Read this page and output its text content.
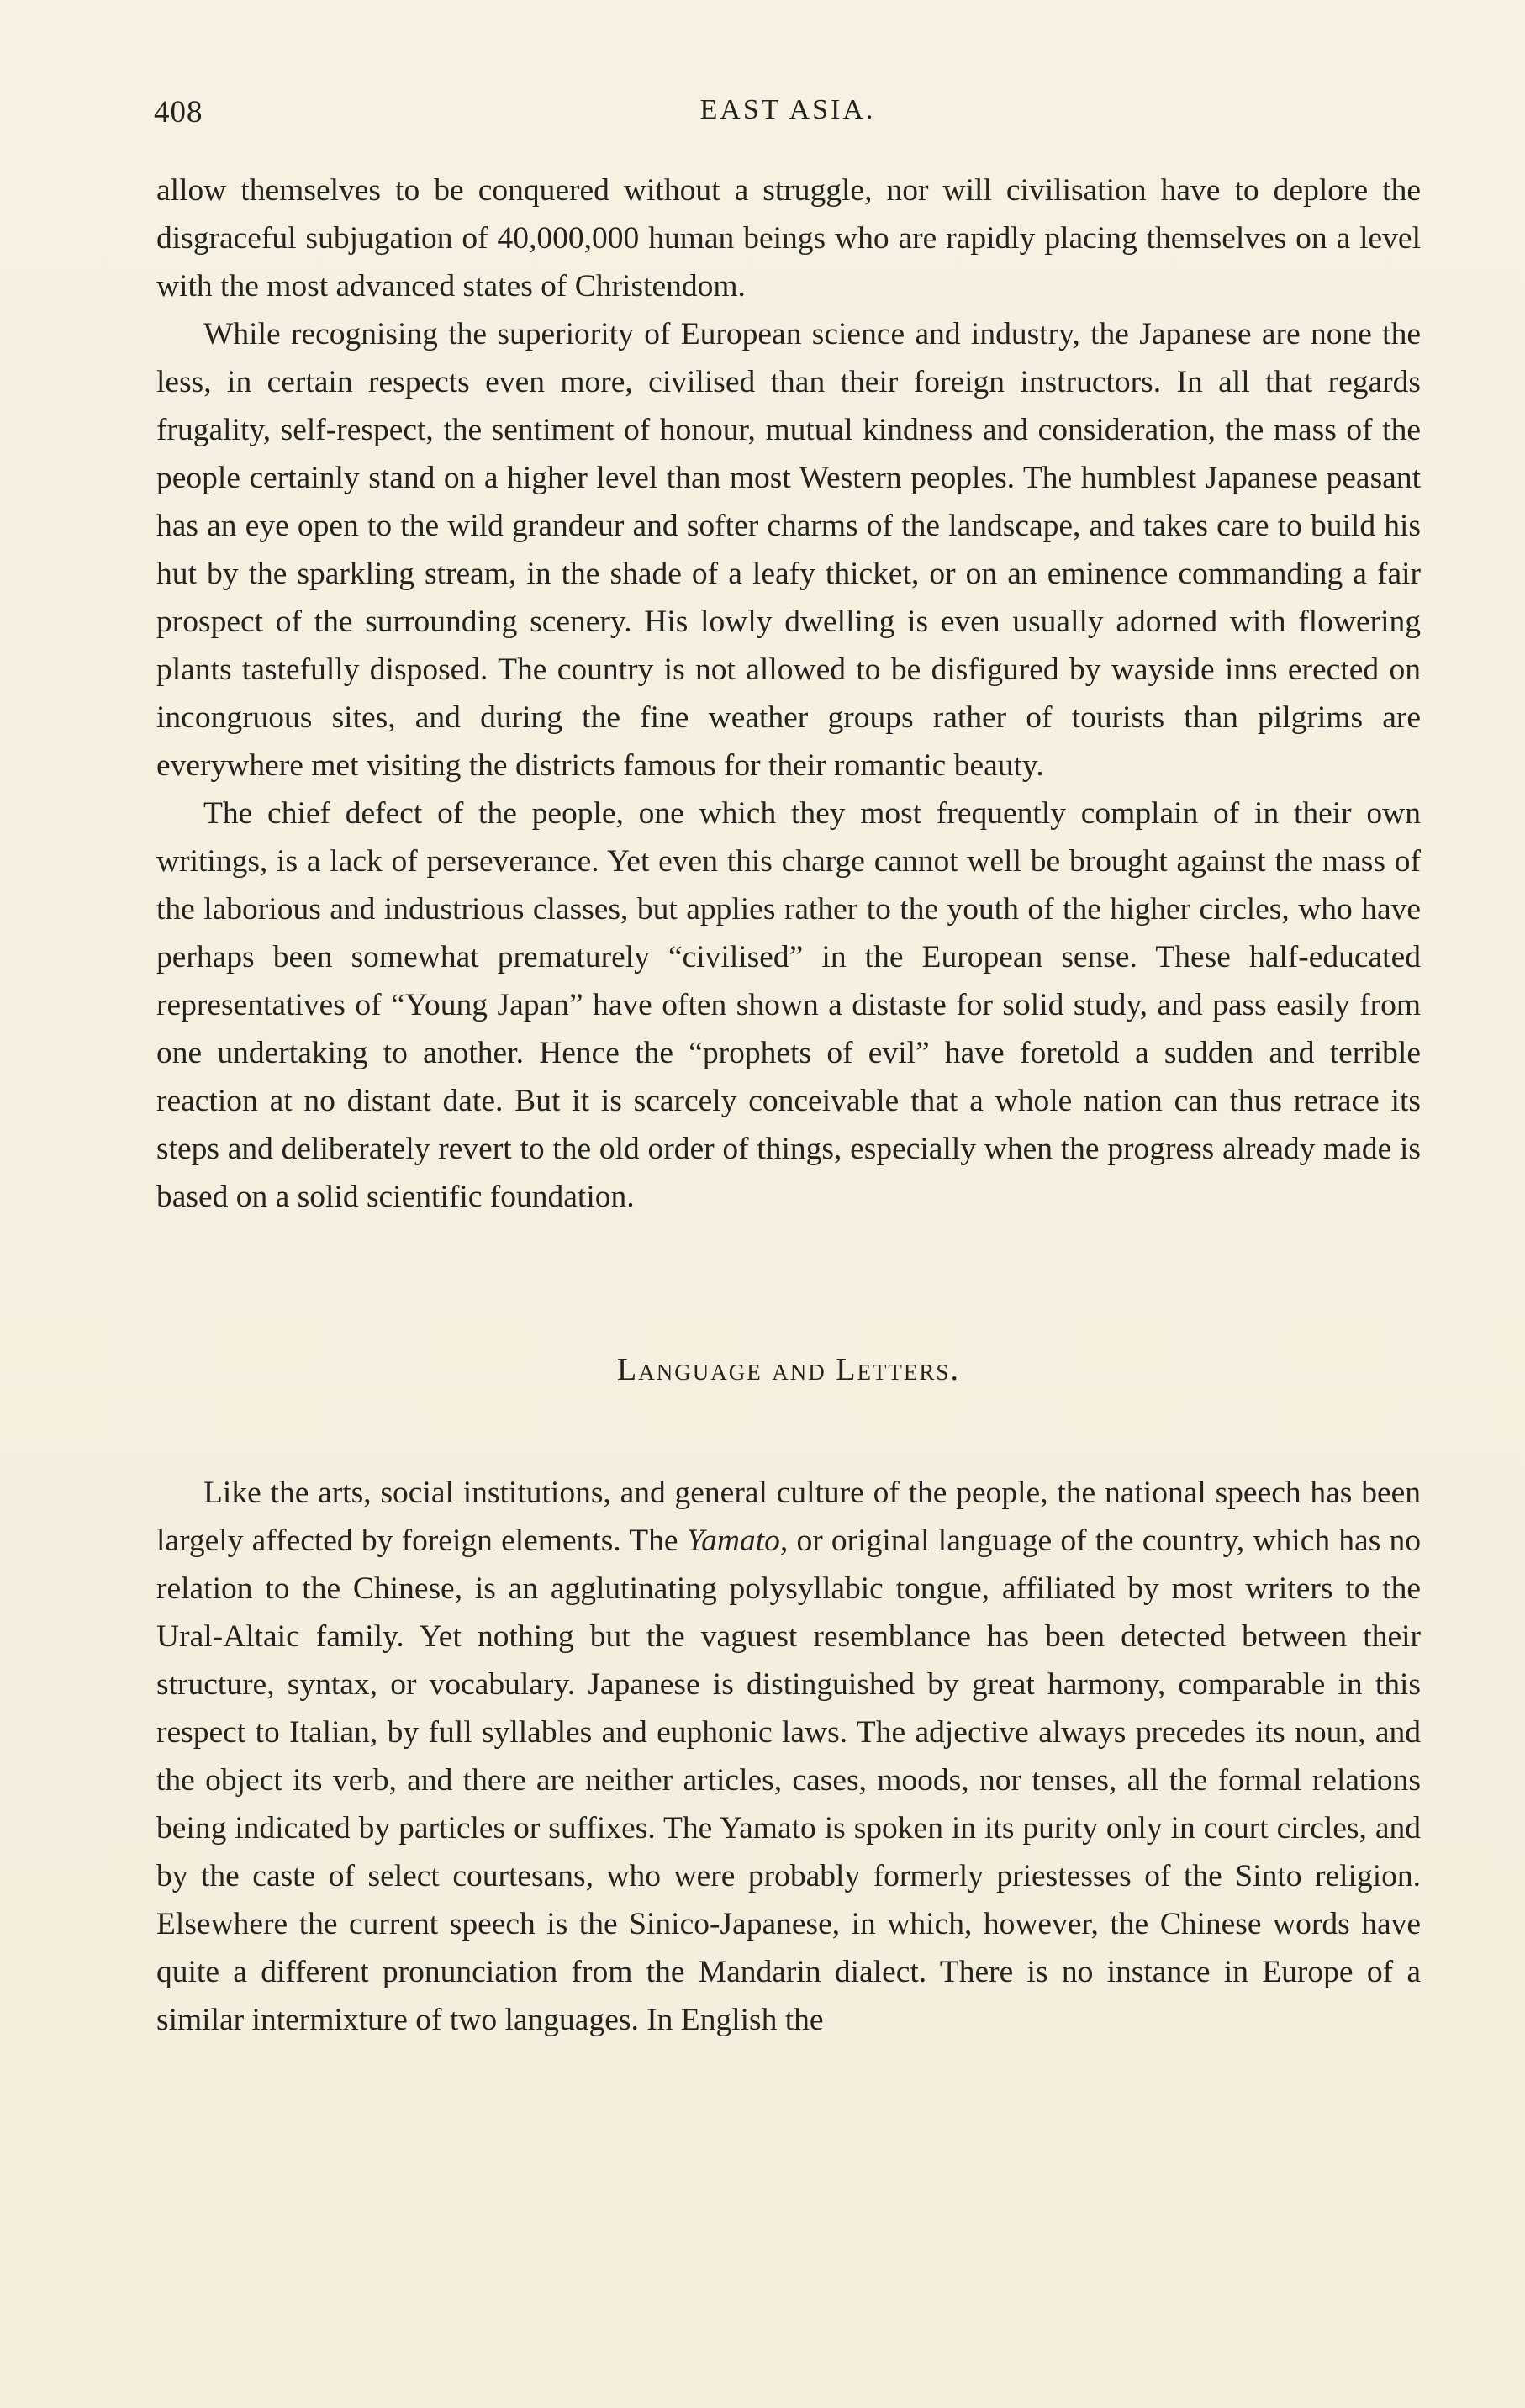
408	EAST ASIA.

allow themselves to be conquered without a struggle, nor will civilisation have to deplore the disgraceful subjugation of 40,000,000 human beings who are rapidly placing themselves on a level with the most advanced states of Christendom.

While recognising the superiority of European science and industry, the Japanese are none the less, in certain respects even more, civilised than their foreign instructors. In all that regards frugality, self-respect, the sentiment of honour, mutual kindness and consideration, the mass of the people certainly stand on a higher level than most Western peoples. The humblest Japanese peasant has an eye open to the wild grandeur and softer charms of the landscape, and takes care to build his hut by the sparkling stream, in the shade of a leafy thicket, or on an eminence commanding a fair prospect of the surrounding scenery. His lowly dwelling is even usually adorned with flowering plants tastefully disposed. The country is not allowed to be disfigured by wayside inns erected on incongruous sites, and during the fine weather groups rather of tourists than pilgrims are everywhere met visiting the districts famous for their romantic beauty.

The chief defect of the people, one which they most frequently complain of in their own writings, is a lack of perseverance. Yet even this charge cannot well be brought against the mass of the laborious and industrious classes, but applies rather to the youth of the higher circles, who have perhaps been somewhat prematurely “civilised” in the European sense. These half-educated representatives of “Young Japan” have often shown a distaste for solid study, and pass easily from one undertaking to another. Hence the “prophets of evil” have foretold a sudden and terrible reaction at no distant date. But it is scarcely conceivable that a whole nation can thus retrace its steps and deliberately revert to the old order of things, especially when the progress already made is based on a solid scientific foundation.

Language and Letters.

Like the arts, social institutions, and general culture of the people, the national speech has been largely affected by foreign elements. The Yamato, or original language of the country, which has no relation to the Chinese, is an agglutinating polysyllabic tongue, affiliated by most writers to the Ural-Altaic family. Yet nothing but the vaguest resemblance has been detected between their structure, syntax, or vocabulary. Japanese is distinguished by great harmony, comparable in this respect to Italian, by full syllables and euphonic laws. The adjective always precedes its noun, and the object its verb, and there are neither articles, cases, moods, nor tenses, all the formal relations being indicated by particles or suffixes. The Yamato is spoken in its purity only in court circles, and by the caste of select courtesans, who were probably formerly priestesses of the Sinto religion. Elsewhere the current speech is the Sinico-Japanese, in which, however, the Chinese words have quite a different pronunciation from the Mandarin dialect. There is no instance in Europe of a similar intermixture of two languages. In English the
